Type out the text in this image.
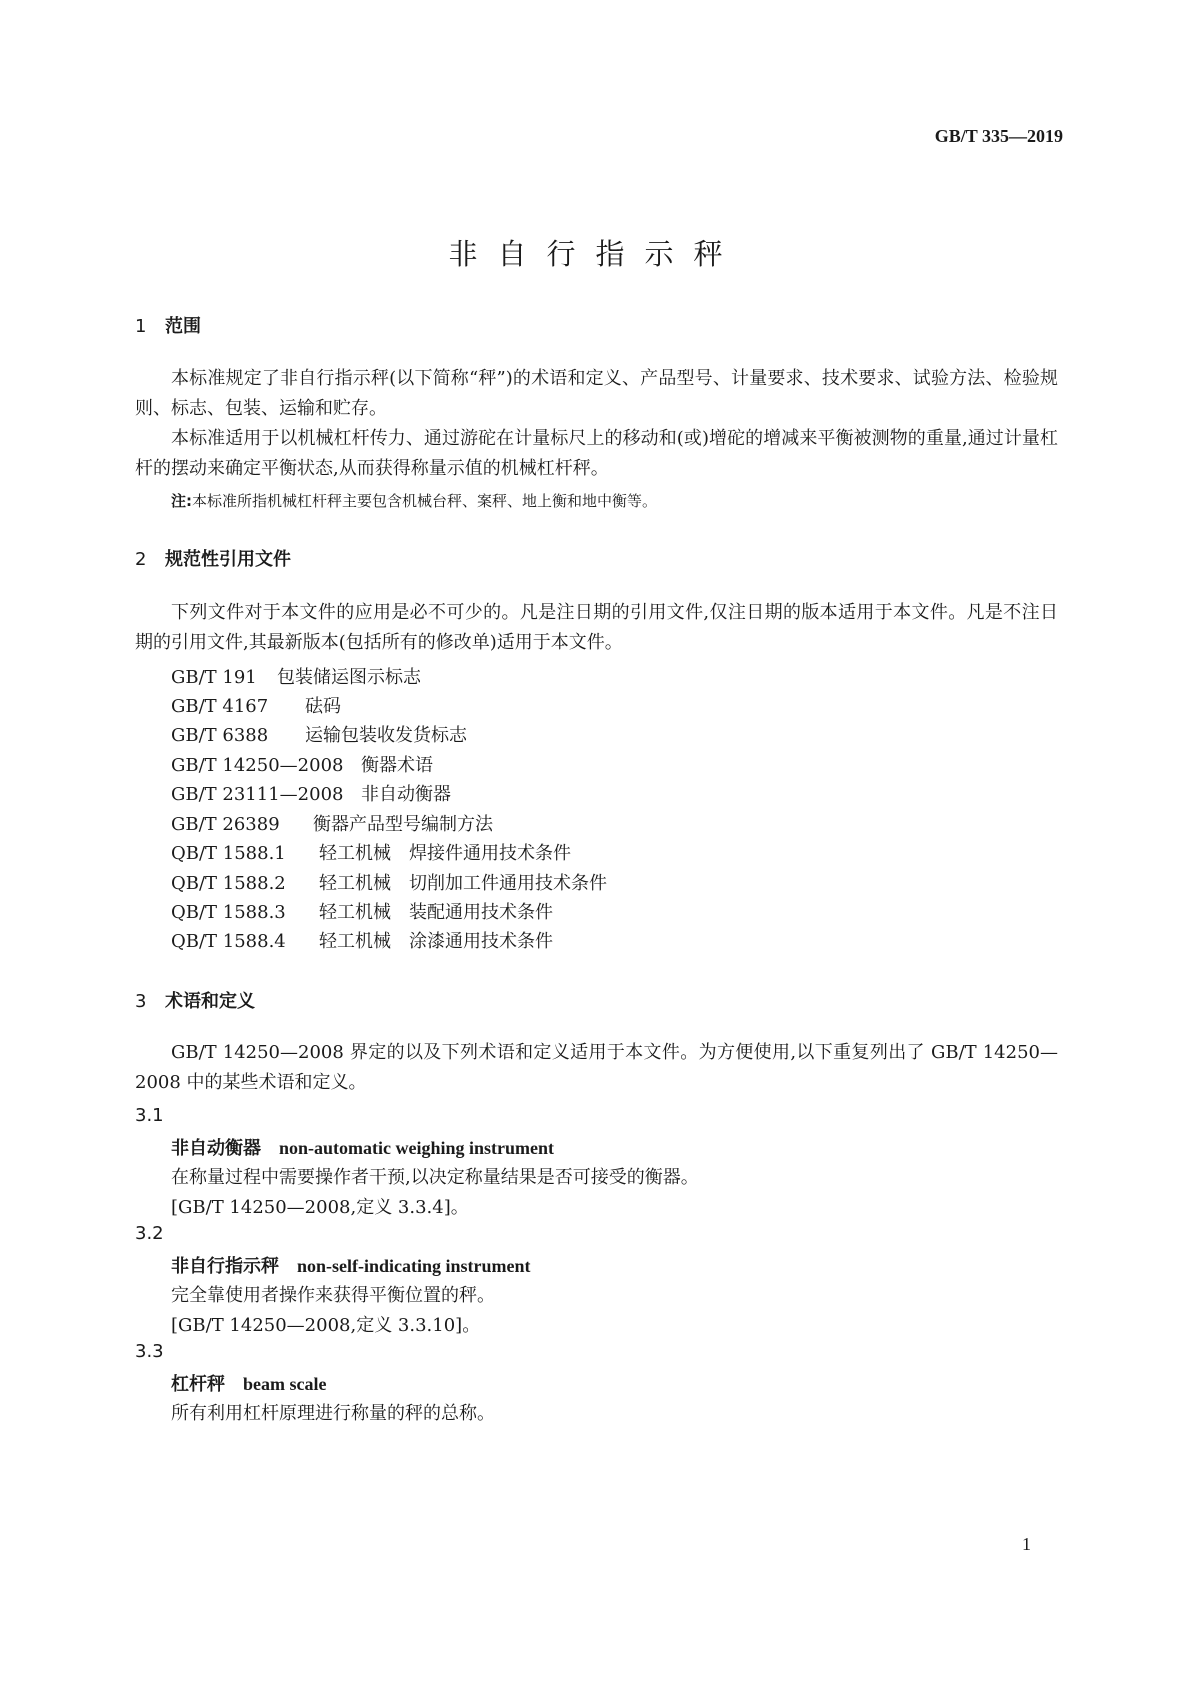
GB/T 335—2019
非自行指示秤
1 范围

本标准规定了非自行指示秤(以下简称“秤”)的术语和定义、产品型号、计量要求、技术要求、试验方法、检验规则、标志、包装、运输和贮存。

本标准适用于以机械杠杆传力、通过游砣在计量标尺上的移动和(或)增砣的增减来平衡被测物的重量,通过计量杠杆的摆动来确定平衡状态,从而获得称量示值的机械杠杆秤。

注:本标准所指机械杠杆秤主要包含机械台秤、案秤、地上衡和地中衡等。
2 规范性引用文件

下列文件对于本文件的应用是必不可少的。凡是注日期的引用文件,仅注日期的版本适用于本文件。凡是不注日期的引用文件,其最新版本(包括所有的修改单)适用于本文件。

GB/T 191 包装储运图示标志
GB/T 4167 砝码
GB/T 6388 运输包装收发货标志
GB/T 14250—2008 衡器术语
GB/T 23111—2008 非自动衡器
GB/T 26389 衡器产品型号编制方法
QB/T 1588.1 轻工机械　焊接件通用技术条件
QB/T 1588.2 轻工机械　切削加工件通用技术条件
QB/T 1588.3 轻工机械　装配通用技术条件
QB/T 1588.4 轻工机械　涂漆通用技术条件
3 术语和定义

GB/T 14250—2008 界定的以及下列术语和定义适用于本文件。为方便使用,以下重复列出了 GB/T 14250—2008 中的某些术语和定义。

3.1
非自动衡器 non-automatic weighing instrument
在称量过程中需要操作者干预,以决定称量结果是否可接受的衡器。
[GB/T 14250—2008,定义 3.3.4]。
3.2
非自行指示秤 non-self-indicating instrument
完全靠使用者操作来获得平衡位置的秤。
[GB/T 14250—2008,定义 3.3.10]。
3.3
杠杆秤 beam scale
所有利用杠杆原理进行称量的秤的总称。
1
